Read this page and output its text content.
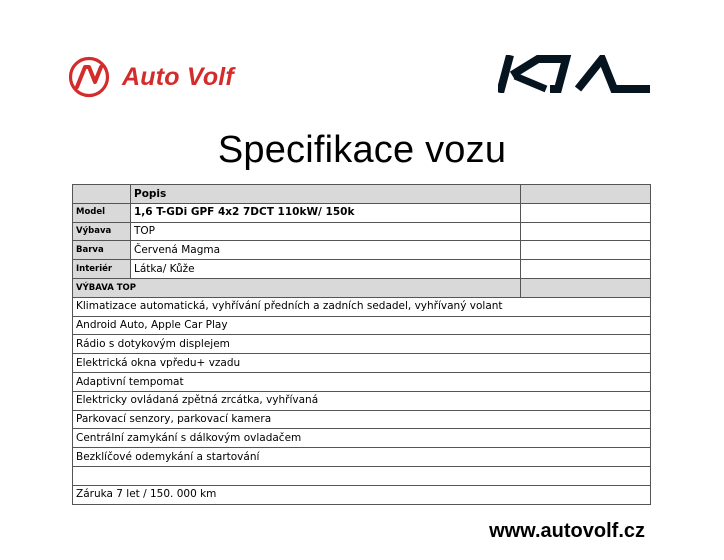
Auto Volf
Specifikace vozu
	Popis	
Model	1,6 T-GDi GPF 4x2 7DCT 110kW/ 150k	
Výbava	TOP	
Barva	Červená Magma	
Interiér	Látka/ Kůže	
VÝBAVA TOP		
Klimatizace automatická, vyhřívání předních a zadních sedadel, vyhřívaný volant		
Android Auto, Apple Car Play		
Rádio s dotykovým displejem		
Elektrická okna vpředu+ vzadu		
Adaptivní tempomat		
Elektricky ovládaná zpětná zrcátka, vyhřívaná		
Parkovací senzory, parkovací kamera		
Centrální zamykání s dálkovým ovladačem		
Bezklíčové odemykání a startování		

Záruka 7 let / 150. 000 km		
www.autovolf.cz
